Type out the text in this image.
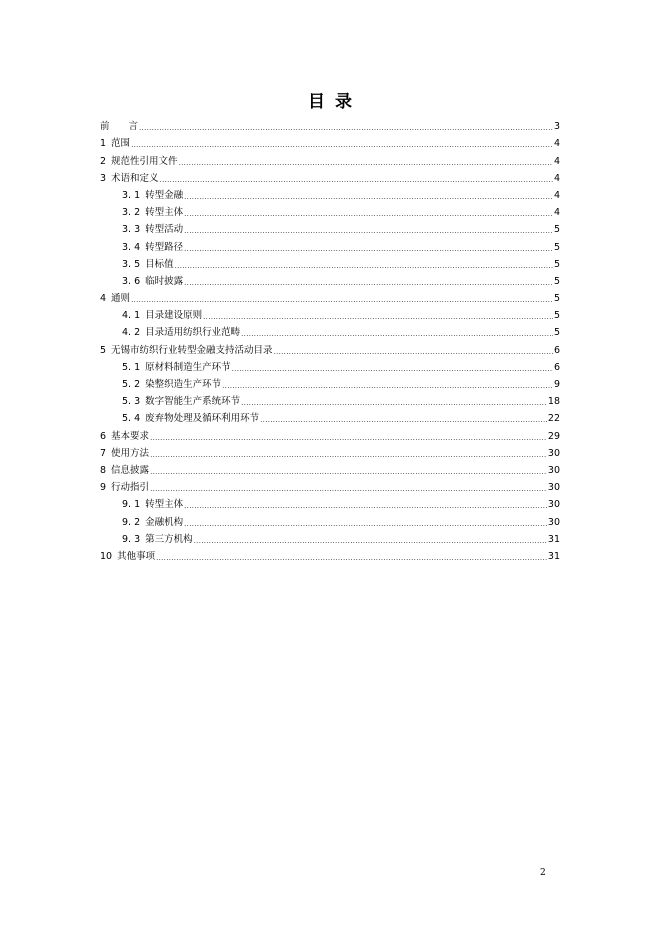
目 录
前　　言 .....	3
1 范围 .....	4
2 规范性引用文件 .....	4
3 术语和定义 .....	4
3. 1 转型金融 .....	4
3. 2 转型主体 .....	4
3. 3 转型活动 .....	5
3. 4 转型路径 .....	5
3. 5 目标值 .....	5
3. 6 临时披露 .....	5
4 通则 .....	5
4. 1 目录建设原则 .....	5
4. 2 目录适用纺织行业范畴 .....	5
5 无锡市纺织行业转型金融支持活动目录 .....	6
5. 1 原材料制造生产环节 .....	6
5. 2 染整织造生产环节 .....	9
5. 3 数字智能生产系统环节 .....	18
5. 4 废弃物处理及循环利用环节 .....	22
6 基本要求 .....	29
7 使用方法 .....	30
8 信息披露 .....	30
9 行动指引 .....	30
9. 1 转型主体 .....	30
9. 2 金融机构 .....	30
9. 3 第三方机构 .....	31
10 其他事项 .....	31
2
